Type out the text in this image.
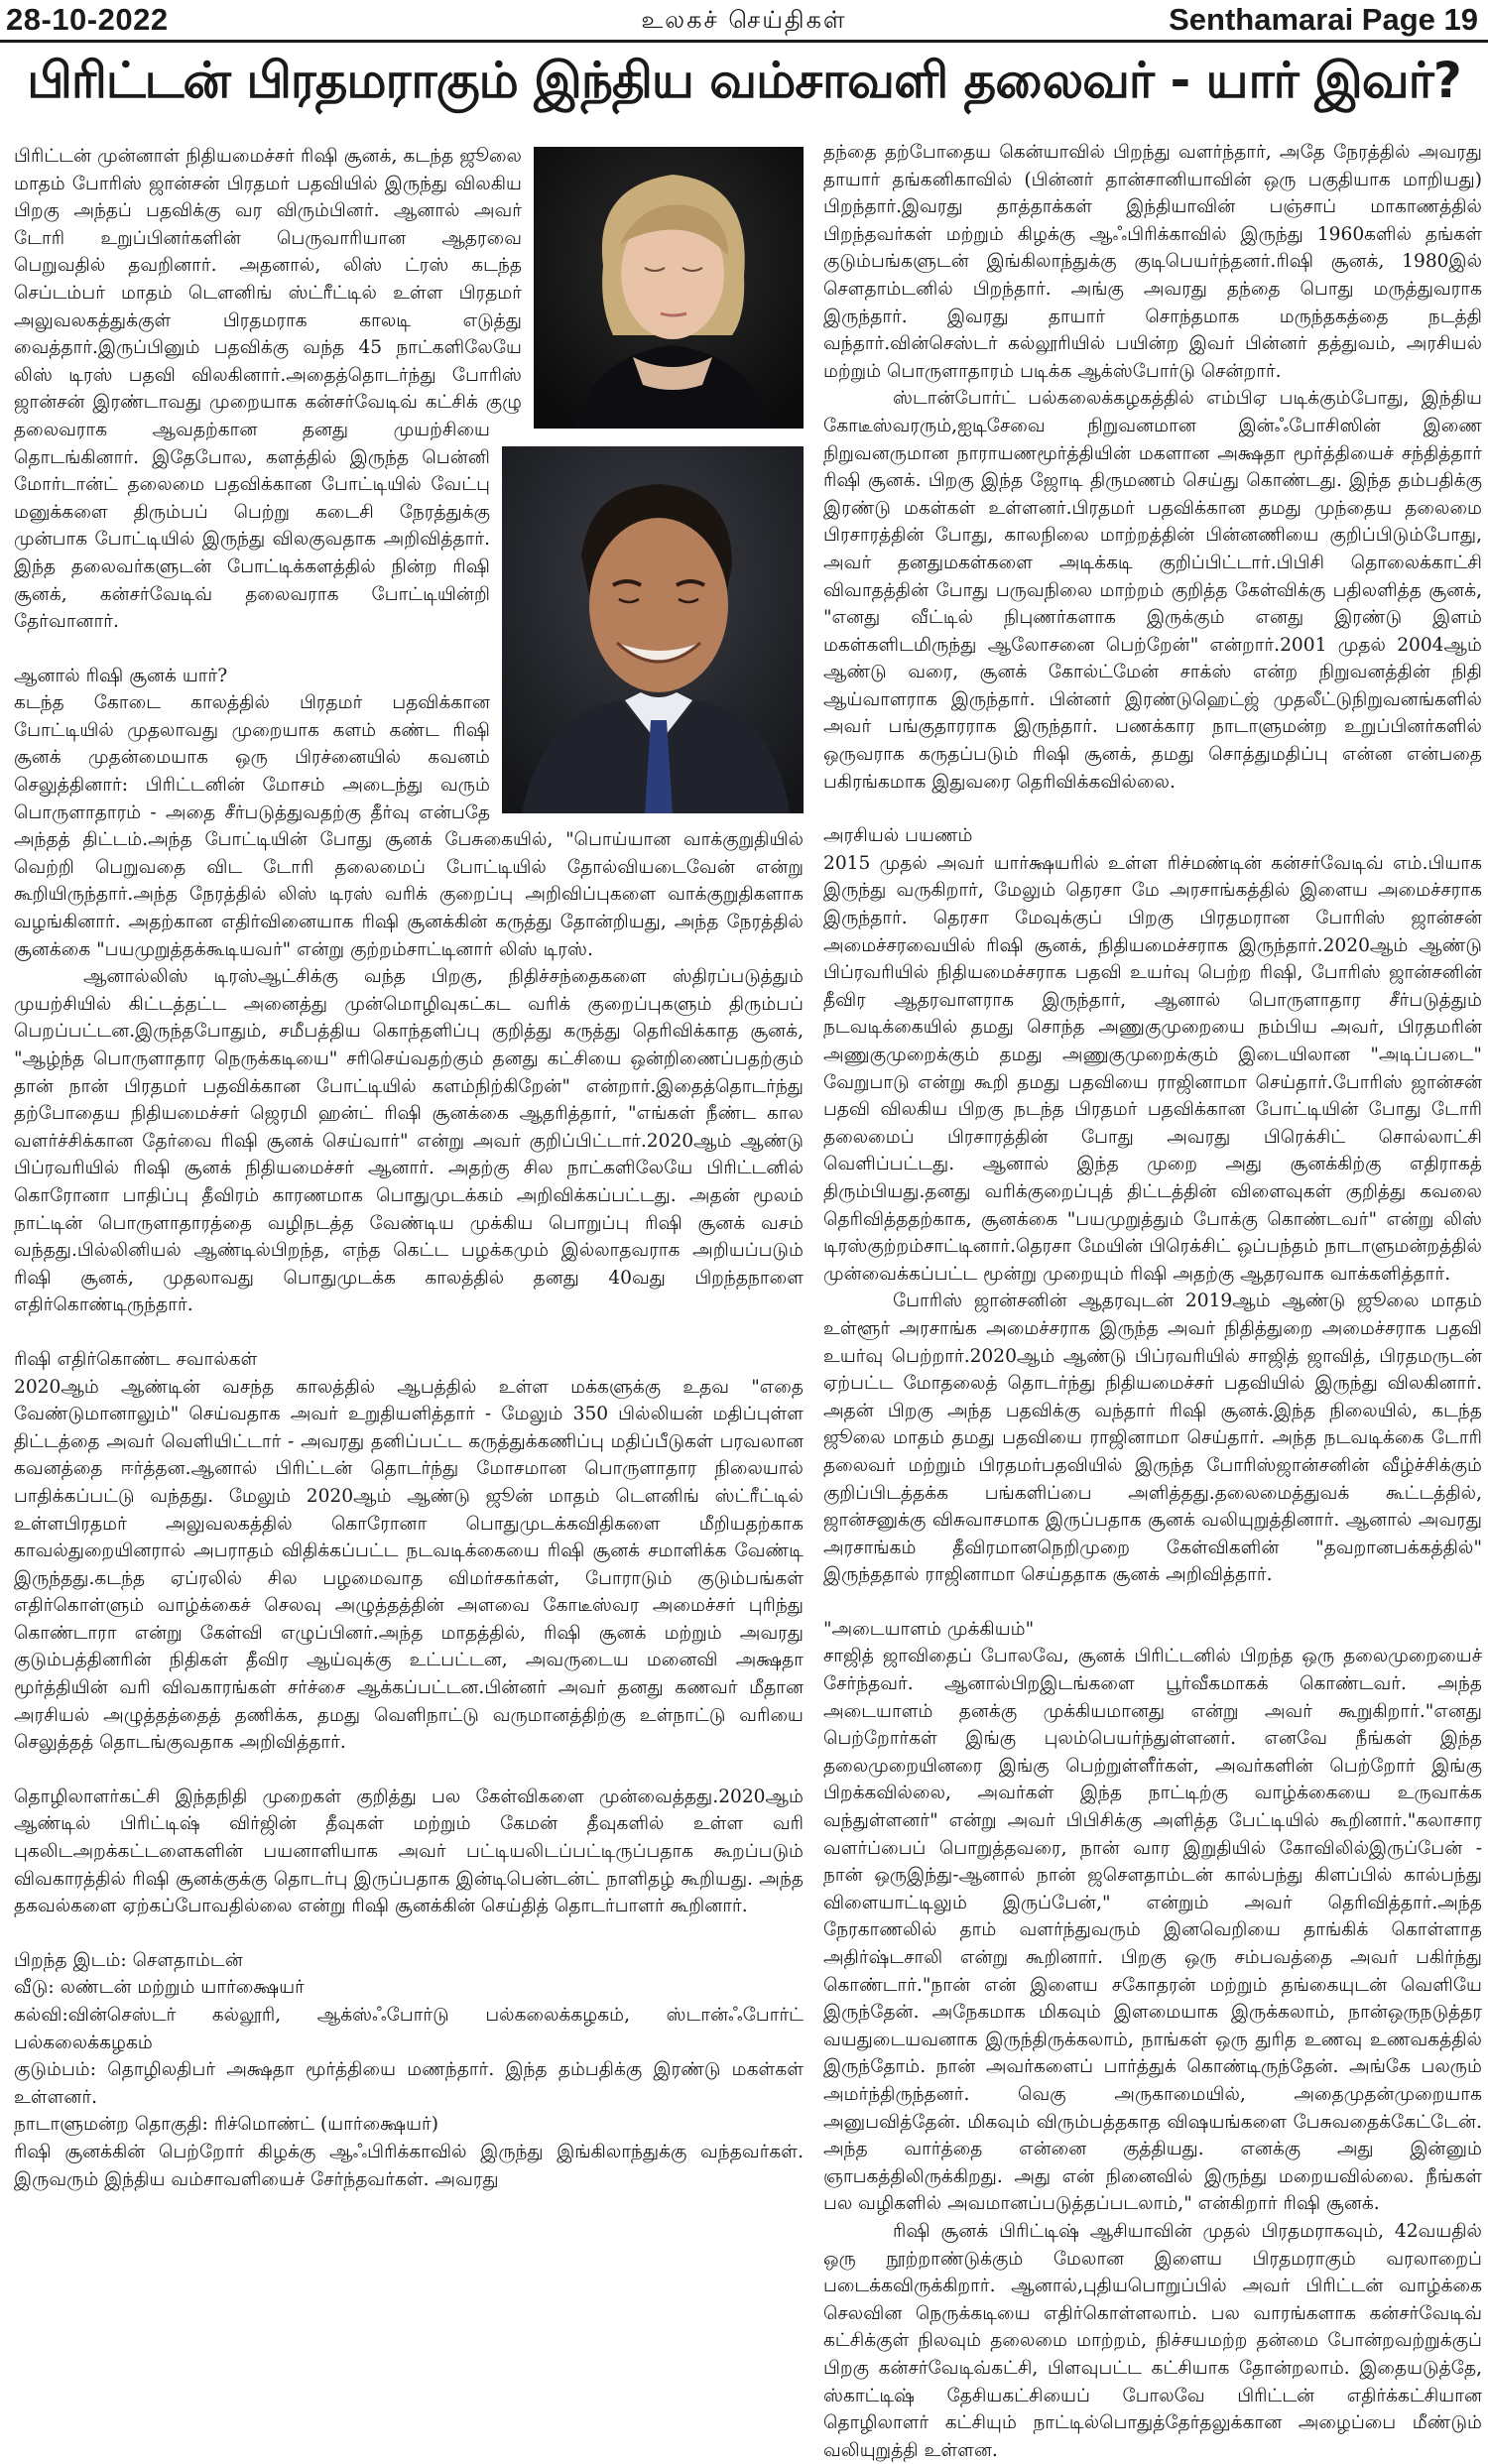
28-10-2022	உலகச் செய்திகள்	Senthamarai Page 19
பிரிட்டன் பிரதமராகும் இந்திய வம்சாவளி தலைவர் - யார் இவர்?

பிரிட்டன் முன்னாள் நிதியமைச்சர் ரிஷி சூனக், கடந்த ஜூலை மாதம் போரிஸ் ஜான்சன் பிரதமர் பதவியில் இருந்து விலகிய பிறகு அந்தப் பதவிக்கு வர விரும்பினர். ஆனால் அவர் டோரி உறுப்பினர்களின் பெருவாரியான ஆதரவை பெறுவதில் தவறினார். அதனால், லிஸ் ட்ரஸ் கடந்த செப்டம்பர் மாதம் டௌனிங் ஸ்ட்ரீட்டில் உள்ள பிரதமர் அலுவலகத்துக்குள் பிரதமராக காலடி எடுத்து வைத்தார்.இருப்பினும் பதவிக்கு வந்த 45 நாட்களிலேயே லிஸ் டிரஸ் பதவி விலகினார்.அதைத்தொடர்ந்து போரிஸ் ஜான்சன் இரண்டாவது முறையாக கன்சர்வேடிவ் கட்சிக் குழு தலைவராக ஆவதற்கான தனது முயற்சியை தொடங்கினார். இதேபோல, களத்தில் இருந்த பென்னி மோர்டான்ட் தலைமை பதவிக்கான போட்டியில் வேட்பு மனுக்களை திரும்பப் பெற்று கடைசி நேரத்துக்கு முன்பாக போட்டியில் இருந்து விலகுவதாக அறிவித்தார். இந்த தலைவர்களுடன் போட்டிக்களத்தில் நின்ற ரிஷி சூனக், கன்சர்வேடிவ் தலைவராக போட்டியின்றி தேர்வானார்.

ஆனால் ரிஷி சூனக் யார்?

கடந்த கோடை காலத்தில் பிரதமர் பதவிக்கான போட்டியில் முதலாவது முறையாக களம் கண்ட ரிஷி சூனக் முதன்மையாக ஒரு பிரச்னையில் கவனம் செலுத்தினார்: பிரிட்டனின் மோசம் அடைந்து வரும் பொருளாதாரம் - அதை சீர்படுத்துவதற்கு தீர்வு என்பதே அந்தத் திட்டம்.அந்த போட்டியின் போது சூனக் பேசுகையில், "பொய்யான வாக்குறுதியில் வெற்றி பெறுவதை விட டோரி தலைமைப் போட்டியில் தோல்வியடைவேன் என்று கூறியிருந்தார்.அந்த நேரத்தில் லிஸ் டிரஸ் வரிக் குறைப்பு அறிவிப்புகளை வாக்குறுதிகளாக வழங்கினார். அதற்கான எதிர்வினையாக ரிஷி சூனக்கின் கருத்து தோன்றியது, அந்த நேரத்தில் சூனக்கை "பயமுறுத்தக்கூடியவர்" என்று குற்றம்சாட்டினார் லிஸ் டிரஸ்.

ஆனால்லிஸ் டிரஸ்ஆட்சிக்கு வந்த பிறகு, நிதிச்சந்தைகளை ஸ்திரப்படுத்தும் முயற்சியில் கிட்டத்தட்ட அனைத்து முன்மொழிவுகட்கட வரிக் குறைப்புகளும் திரும்பப் பெறப்பட்டன.இருந்தபோதும், சமீபத்திய கொந்தளிப்பு குறித்து கருத்து தெரிவிக்காத சூனக், "ஆழ்ந்த பொருளாதார நெருக்கடியை" சரிசெய்வதற்கும் தனது கட்சியை ஒன்றிணைப்பதற்கும் தான் நான் பிரதமர் பதவிக்கான போட்டியில் களம்நிற்கிறேன்" என்றார்.இதைத்தொடர்ந்து தற்போதைய நிதியமைச்சர் ஜெரமி ஹன்ட் ரிஷி சூனக்கை ஆதரித்தார், "எங்கள் நீண்ட கால வளர்ச்சிக்கான தேர்வை ரிஷி சூனக் செய்வார்" என்று அவர் குறிப்பிட்டார்.2020ஆம் ஆண்டு பிப்ரவரியில் ரிஷி சூனக் நிதியமைச்சர் ஆனார். அதற்கு சில நாட்களிலேயே பிரிட்டனில் கொரோனா பாதிப்பு தீவிரம் காரணமாக பொதுமுடக்கம் அறிவிக்கப்பட்டது. அதன் மூலம் நாட்டின் பொருளாதாரத்தை வழிநடத்த வேண்டிய முக்கிய பொறுப்பு ரிஷி சூனக் வசம் வந்தது.பில்லினியல் ஆண்டில்பிறந்த, எந்த கெட்ட பழக்கமும் இல்லாதவராக அறியப்படும் ரிஷி சூனக், முதலாவது பொதுமுடக்க காலத்தில் தனது 40வது பிறந்தநாளை எதிர்கொண்டிருந்தார்.

ரிஷி எதிர்கொண்ட சவால்கள்

2020ஆம் ஆண்டின் வசந்த காலத்தில் ஆபத்தில் உள்ள மக்களுக்கு உதவ "எதை வேண்டுமானாலும்" செய்வதாக அவர் உறுதியளித்தார் - மேலும் 350 பில்லியன் மதிப்புள்ள திட்டத்தை அவர் வெளியிட்டார் - அவரது தனிப்பட்ட கருத்துக்கணிப்பு மதிப்பீடுகள் பரவலான கவனத்தை ஈர்த்தன.ஆனால் பிரிட்டன் தொடர்ந்து மோசமான பொருளாதார நிலையால் பாதிக்கப்பட்டு வந்தது. மேலும் 2020ஆம் ஆண்டு ஜூன் மாதம் டௌனிங் ஸ்ட்ரீட்டில் உள்ளபிரதமர் அலுவலகத்தில் கொரோனா பொதுமுடக்கவிதிகளை மீறியதற்காக காவல்துறையினரால் அபராதம் விதிக்கப்பட்ட நடவடிக்கையை ரிஷி சூனக் சமாளிக்க வேண்டி இருந்தது.கடந்த ஏப்ரலில் சில பழமைவாத விமர்சகர்கள், போராடும் குடும்பங்கள் எதிர்கொள்ளும் வாழ்க்கைச் செலவு அழுத்தத்தின் அளவை கோடீஸ்வர அமைச்சர் புரிந்து கொண்டாரா என்று கேள்வி எழுப்பினர்.அந்த மாதத்தில், ரிஷி சூனக் மற்றும் அவரது குடும்பத்தினரின் நிதிகள் தீவிர ஆய்வுக்கு உட்பட்டன, அவருடைய மனைவி அக்ஷதா மூர்த்தியின் வரி விவகாரங்கள் சர்ச்சை ஆக்கப்பட்டன.பின்னர் அவர் தனது கணவர் மீதான அரசியல் அழுத்தத்தைத் தணிக்க, தமது வெளிநாட்டு வருமானத்திற்கு உள்நாட்டு வரியை செலுத்தத் தொடங்குவதாக அறிவித்தார்.

தொழிலாளர்கட்சி இந்தநிதி முறைகள் குறித்து பல கேள்விகளை முன்வைத்தது.2020ஆம் ஆண்டில் பிரிட்டிஷ் விர்ஜின் தீவுகள் மற்றும் கேமன் தீவுகளில் உள்ள வரி புகலிடஅறக்கட்டளைகளின் பயனாளியாக அவர் பட்டியலிடப்பட்டிருப்பதாக கூறப்படும் விவகாரத்தில் ரிஷி சூனக்குக்கு தொடர்பு இருப்பதாக இன்டிபென்டன்ட் நாளிதழ் கூறியது. அந்த தகவல்களை ஏற்கப்போவதில்லை என்று ரிஷி சூனக்கின் செய்தித் தொடர்பாளர் கூறினார்.

பிறந்த இடம்: சௌதாம்டன்

வீடு: லண்டன் மற்றும் யார்க்ஷையர்

கல்வி:வின்செஸ்டர் கல்லூரி, ஆக்ஸ்ஃபோர்டு பல்கலைக்கழகம், ஸ்டான்ஃபோர்ட் பல்கலைக்கழகம்

குடும்பம்: தொழிலதிபர் அக்ஷதா மூர்த்தியை மணந்தார். இந்த தம்பதிக்கு இரண்டு மகள்கள் உள்ளனர்.

நாடாளுமன்ற தொகுதி: ரிச்மொண்ட் (யார்க்ஷையர்)

ரிஷி சூனக்கின் பெற்றோர் கிழக்கு ஆஃபிரிக்காவில் இருந்து இங்கிலாந்துக்கு வந்தவர்கள். இருவரும் இந்திய வம்சாவளியைச் சேர்ந்தவர்கள். அவரது

தந்தை தற்போதைய கென்யாவில் பிறந்து வளர்ந்தார், அதே நேரத்தில் அவரது தாயார் தங்கனிகாவில் (பின்னர் தான்சானியாவின் ஒரு பகுதியாக மாறியது) பிறந்தார்.இவரது தாத்தாக்கள் இந்தியாவின் பஞ்சாப் மாகாணத்தில் பிறந்தவர்கள் மற்றும் கிழக்கு ஆஃபிரிக்காவில் இருந்து 1960களில் தங்கள் குடும்பங்களுடன் இங்கிலாந்துக்கு குடிபெயர்ந்தனர்.ரிஷி சூனக், 1980இல் சௌதாம்டனில் பிறந்தார். அங்கு அவரது தந்தை பொது மருத்துவராக இருந்தார். இவரது தாயார் சொந்தமாக மருந்தகத்தை நடத்தி வந்தார்.வின்செஸ்டர் கல்லூரியில் பயின்ற இவர் பின்னர் தத்துவம், அரசியல் மற்றும் பொருளாதாரம் படிக்க ஆக்ஸ்போர்டு சென்றார்.

ஸ்டான்போர்ட் பல்கலைக்கழகத்தில் எம்பிஏ படிக்கும்போது, இந்திய கோடீஸ்வரரும்,ஐடிசேவை நிறுவனமான இன்ஃபோசிஸின் இணை நிறுவனருமான நாராயணமூர்த்தியின் மகளான அக்ஷதா மூர்த்தியைச் சந்தித்தார் ரிஷி சூனக். பிறகு இந்த ஜோடி திருமணம் செய்து கொண்டது. இந்த தம்பதிக்கு இரண்டு மகள்கள் உள்ளனர்.பிரதமர் பதவிக்கான தமது முந்தைய தலைமை பிரசாரத்தின் போது, காலநிலை மாற்றத்தின் பின்னணியை குறிப்பிடும்போது, அவர் தனதுமகள்களை அடிக்கடி குறிப்பிட்டார்.பிபிசி தொலைக்காட்சி விவாதத்தின் போது பருவநிலை மாற்றம் குறித்த கேள்விக்கு பதிலளித்த சூனக், "எனது வீட்டில் நிபுணர்களாக இருக்கும் எனது இரண்டு இளம் மகள்களிடமிருந்து ஆலோசனை பெற்றேன்" என்றார்.2001 முதல் 2004ஆம் ஆண்டு வரை, சூனக் கோல்ட்மேன் சாக்ஸ் என்ற நிறுவனத்தின் நிதி ஆய்வாளராக இருந்தார். பின்னர் இரண்டுஹெட்ஜ் முதலீட்டுநிறுவனங்களில் அவர் பங்குதாரராக இருந்தார். பணக்கார நாடாளுமன்ற உறுப்பினர்களில் ஒருவராக கருதப்படும் ரிஷி சூனக், தமது சொத்துமதிப்பு என்ன என்பதை பகிரங்கமாக இதுவரை தெரிவிக்கவில்லை.

அரசியல் பயணம்

2015 முதல் அவர் யார்க்ஷயரில் உள்ள ரிச்மண்டின் கன்சர்வேடிவ் எம்.பியாக இருந்து வருகிறார், மேலும் தெரசா மே அரசாங்கத்தில் இளைய அமைச்சராக இருந்தார். தெரசா மேவுக்குப் பிறகு பிரதமரான போரிஸ் ஜான்சன் அமைச்சரவையில் ரிஷி சூனக், நிதியமைச்சராக இருந்தார்.2020ஆம் ஆண்டு பிப்ரவரியில் நிதியமைச்சராக பதவி உயர்வு பெற்ற ரிஷி, போரிஸ் ஜான்சனின் தீவிர ஆதரவாளராக இருந்தார், ஆனால் பொருளாதார சீர்படுத்தும் நடவடிக்கையில் தமது சொந்த அணுகுமுறையை நம்பிய அவர், பிரதமரின் அணுகுமுறைக்கும் தமது அணுகுமுறைக்கும் இடையிலான "அடிப்படை" வேறுபாடு என்று கூறி தமது பதவியை ராஜினாமா செய்தார்.போரிஸ் ஜான்சன் பதவி விலகிய பிறகு நடந்த பிரதமர் பதவிக்கான போட்டியின் போது டோரி தலைமைப் பிரசாரத்தின் போது அவரது பிரெக்சிட் சொல்லாட்சி வெளிப்பட்டது. ஆனால் இந்த முறை அது சூனக்கிற்கு எதிராகத் திரும்பியது.தனது வரிக்குறைப்புத் திட்டத்தின் விளைவுகள் குறித்து கவலை தெரிவித்ததற்காக, சூனக்கை "பயமுறுத்தும் போக்கு கொண்டவர்" என்று லிஸ் டிரஸ்குற்றம்சாட்டினார்.தெரசா மேயின் பிரெக்சிட் ஒப்பந்தம் நாடாளுமன்றத்தில் முன்வைக்கப்பட்ட மூன்று முறையும் ரிஷி அதற்கு ஆதரவாக வாக்களித்தார்.

போரிஸ் ஜான்சனின் ஆதரவுடன் 2019ஆம் ஆண்டு ஜூலை மாதம் உள்ளூர் அரசாங்க அமைச்சராக இருந்த அவர் நிதித்துறை அமைச்சராக பதவி உயர்வு பெற்றார்.2020ஆம் ஆண்டு பிப்ரவரியில் சாஜித் ஜாவித், பிரதமருடன் ஏற்பட்ட மோதலைத் தொடர்ந்து நிதியமைச்சர் பதவியில் இருந்து விலகினார். அதன் பிறகு அந்த பதவிக்கு வந்தார் ரிஷி சூனக்.இந்த நிலையில், கடந்த ஜூலை மாதம் தமது பதவியை ராஜினாமா செய்தார். அந்த நடவடிக்கை டோரி தலைவர் மற்றும் பிரதமர்பதவியில் இருந்த போரிஸ்ஜான்சனின் வீழ்ச்சிக்கும் குறிப்பிடத்தக்க பங்களிப்பை அளித்தது.தலைமைத்துவக் கூட்டத்தில், ஜான்சனுக்கு விசுவாசமாக இருப்பதாக சூனக் வலியுறுத்தினார். ஆனால் அவரது அரசாங்கம் தீவிரமானநெறிமுறை கேள்விகளின் "தவறானபக்கத்தில்" இருந்ததால் ராஜினாமா செய்ததாக சூனக் அறிவித்தார்.

"அடையாளம் முக்கியம்"

சாஜித் ஜாவிதைப் போலவே, சூனக் பிரிட்டனில் பிறந்த ஒரு தலைமுறையைச் சேர்ந்தவர். ஆனால்பிறஇடங்களை பூர்வீகமாகக் கொண்டவர். அந்த அடையாளம் தனக்கு முக்கியமானது என்று அவர் கூறுகிறார்."எனது பெற்றோர்கள் இங்கு புலம்பெயர்ந்துள்ளனர். எனவே நீங்கள் இந்த தலைமுறையினரை இங்கு பெற்றுள்ளீர்கள், அவர்களின் பெற்றோர் இங்கு பிறக்கவில்லை, அவர்கள் இந்த நாட்டிற்கு வாழ்க்கையை உருவாக்க வந்துள்ளனர்" என்று அவர் பிபிசிக்கு அளித்த பேட்டியில் கூறினார்."கலாசார வளர்ப்பைப் பொறுத்தவரை, நான் வார இறுதியில் கோவிலில்இருப்பேன் - நான் ஒருஇந்து-ஆனால் நான் ஜசௌதாம்டன் கால்பந்து கிளப்பில் கால்பந்து விளையாட்டிலும் இருப்பேன்," என்றும் அவர் தெரிவித்தார்.அந்த நேரகாணலில் தாம் வளர்ந்துவரும் இனவெறியை தாங்கிக் கொள்ளாத அதிர்ஷ்டசாலி என்று கூறினார். பிறகு ஒரு சம்பவத்தை அவர் பகிர்ந்து கொண்டார்."நான் என் இளைய சகோதரன் மற்றும் தங்கையுடன் வெளியே இருந்தேன். அநேகமாக மிகவும் இளமையாக இருக்கலாம், நான்ஒருநடுத்தர வயதுடையவனாக இருந்திருக்கலாம், நாங்கள் ஒரு துரித உணவு உணவகத்தில் இருந்தோம். நான் அவர்களைப் பார்த்துக் கொண்டிருந்தேன். அங்கே பலரும் அமர்ந்திருந்தனர். வெகு அருகாமையில், அதைமுதன்முறையாக அனுபவித்தேன். மிகவும் விரும்பத்தகாத விஷயங்களை பேசுவதைக்கேட்டேன். அந்த வார்த்தை என்னை குத்தியது. எனக்கு அது இன்னும் ஞாபகத்திலிருக்கிறது. அது என் நினைவில் இருந்து மறையவில்லை. நீங்கள் பல வழிகளில் அவமானப்படுத்தப்படலாம்," என்கிறார் ரிஷி சூனக்.

ரிஷி சூனக் பிரிட்டிஷ் ஆசியாவின் முதல் பிரதமராகவும், 42வயதில் ஒரு நூற்றாண்டுக்கும் மேலான இளைய பிரதமராகும் வரலாறைப் படைக்கவிருக்கிறார். ஆனால்,புதியபொறுப்பில் அவர் பிரிட்டன் வாழ்க்கை செலவின நெருக்கடியை எதிர்கொள்ளலாம். பல வாரங்களாக கன்சர்வேடிவ் கட்சிக்குள் நிலவும் தலைமை மாற்றம், நிச்சயமற்ற தன்மை போன்றவற்றுக்குப் பிறகு கன்சர்வேடிவ்கட்சி, பிளவுபட்ட கட்சியாக தோன்றலாம். இதையடுத்தே, ஸ்காட்டிஷ் தேசியகட்சியைப் போலவே பிரிட்டன் எதிர்க்கட்சியான தொழிலாளர் கட்சியும் நாட்டில்பொதுத்தேர்தலுக்கான அழைப்பை மீண்டும் வலியுறுத்தி உள்ளன.
